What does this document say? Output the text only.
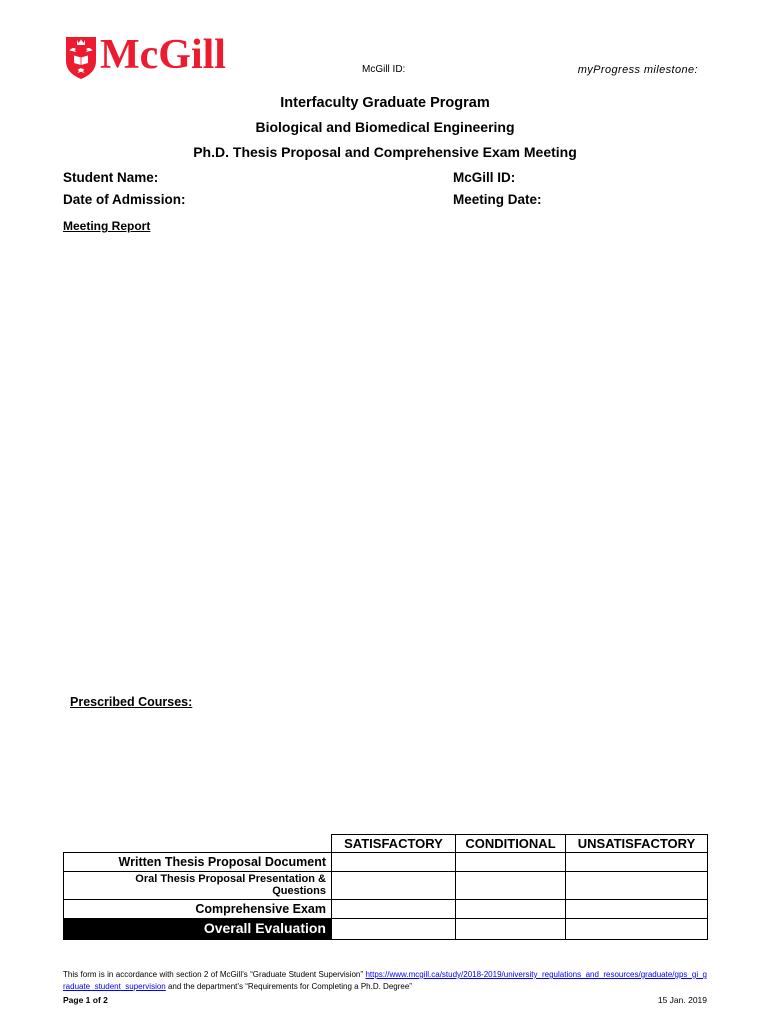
McGill	McGill ID:	myProgress milestone:
Interfaculty Graduate Program
Biological and Biomedical Engineering
Ph.D. Thesis Proposal and Comprehensive Exam Meeting
Student Name:	McGill ID:
Date of Admission:	Meeting Date:
Meeting Report
Prescribed Courses:
	SATISFACTORY	CONDITIONAL	UNSATISFACTORY
Written Thesis Proposal Document			
Oral Thesis Proposal Presentation & Questions			
Comprehensive Exam			
Overall Evaluation			

This form is in accordance with section 2 of McGill’s “Graduate Student Supervision” https://www.mcgill.ca/study/2018-2019/university_regulations_and_resources/graduate/gps_gi_graduate_student_supervision and the department’s “Requirements for Completing a Ph.D. Degree”

Page 1 of 2	15 Jan. 2019
